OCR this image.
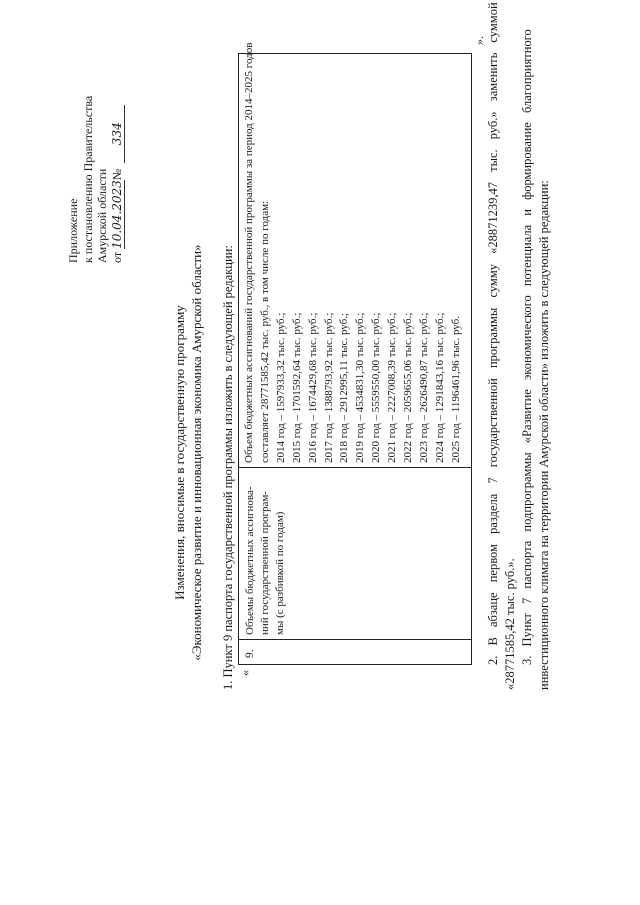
Приложение к постановлению Правительства Амурской области от 10.04.2023№334
Изменения, вносимые в государственную программу «Экономическое развитие и инновационная экономика Амурской области» 1. Пункт 9 паспорта государственной программы изложить в следующей редакции: «
9.
Объемы бюджетных ассигнова- ний государственной програм- мы (с разбивкой по годам)
Объем бюджетных ассигнований государственной программы за период 2014–2025 годов составляет 28771585,42 тыс. руб., в том числе по годам: 2014 год – 1597933,32 тыс. руб.; 2015 год – 1701592,64 тыс. руб.; 2016 год – 1674429,68 тыс. руб.; 2017 год – 1388793,92 тыс. руб.; 2018 год – 2912995,11 тыс. руб.; 2019 год – 4534831,30 тыс. руб.; 2020 год – 5559550,00 тыс. руб.; 2021 год – 2227008,39 тыс. руб.; 2022 год – 2059655,06 тыс. руб.; 2023 год – 2626490,87 тыс. руб.; 2024 год – 1291843,16 тыс. руб.; 2025 год – 1196461,96 тыс. руб.
». 2. В абзаце первом раздела 7 государственной программы сумму «28871239,47 тыс. руб.» заменить суммой «28771585,42 тыс. руб.». 3. Пункт 7 паспорта подпрограммы «Развитие экономического потенциала и формирование благоприятного инвестиционного климата на территории Амурской области» изложить в следующей редакции:
